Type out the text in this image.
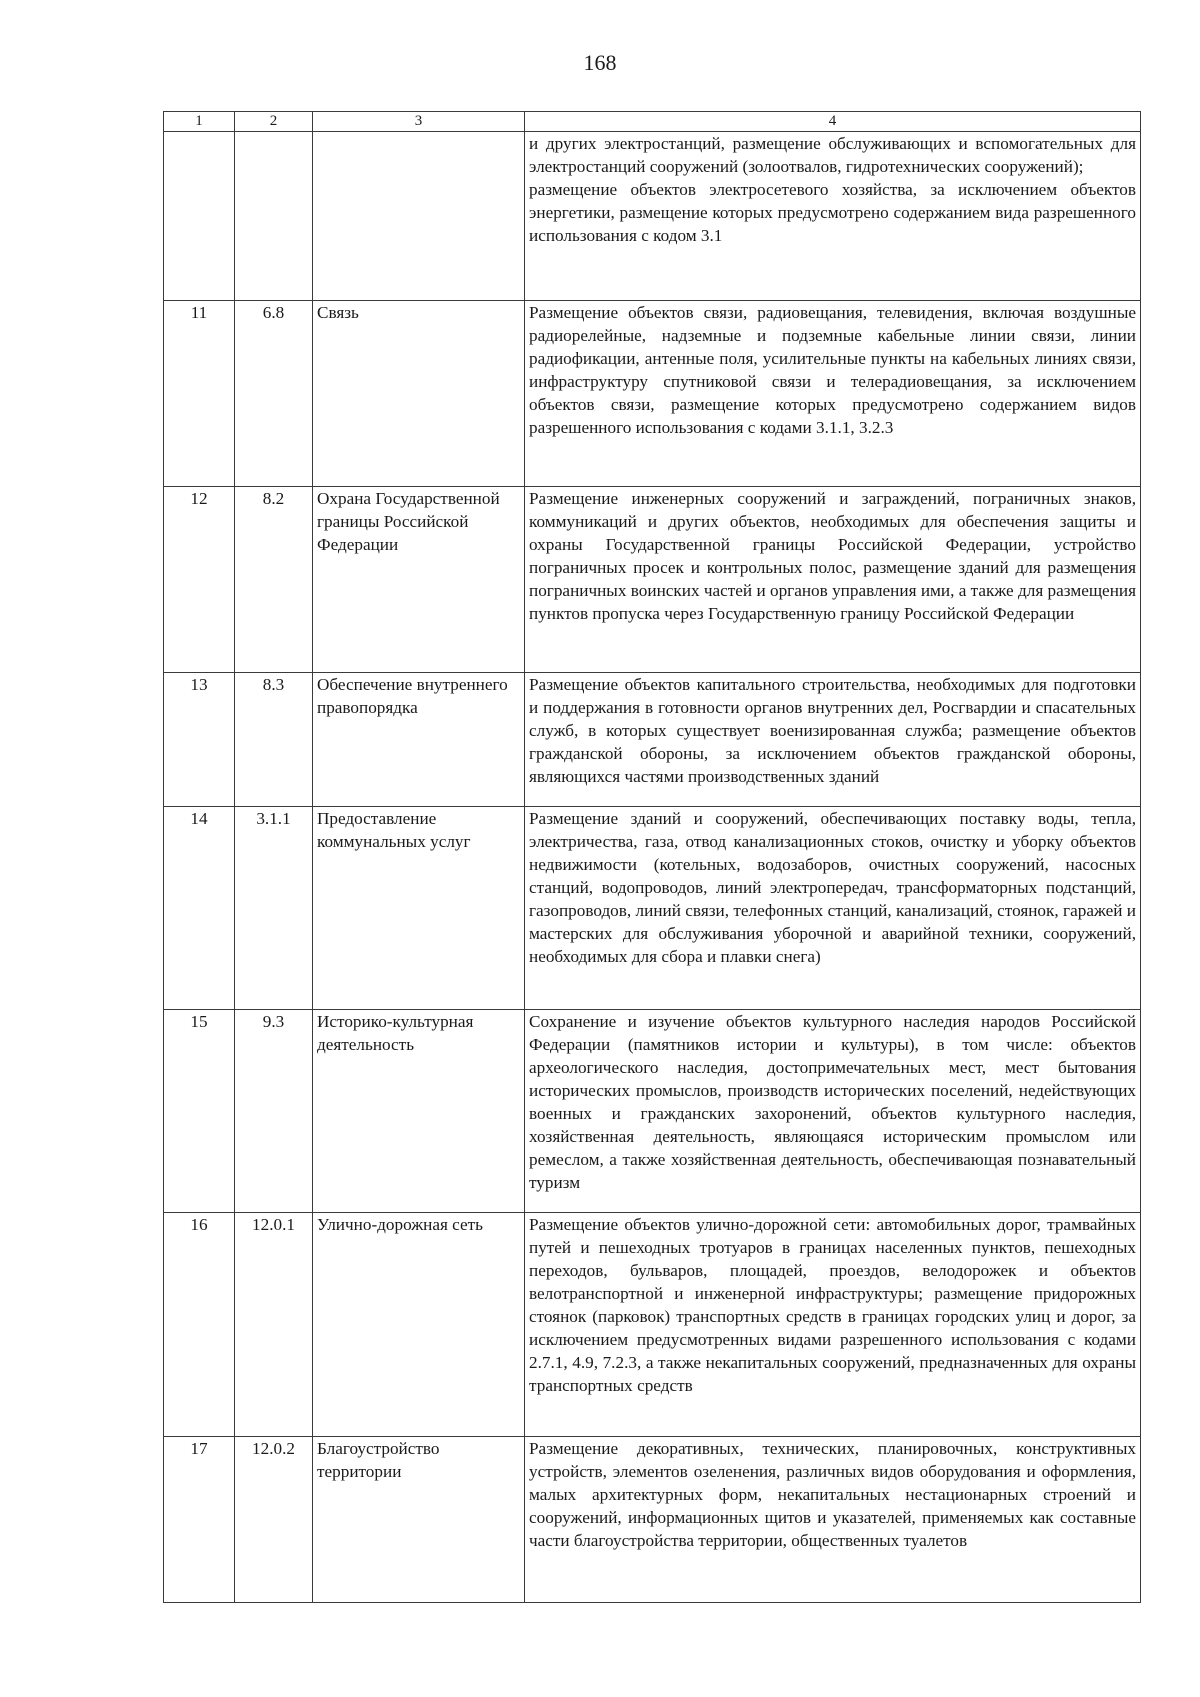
168
1	2	3	4

			и других электростанций, размещение обслуживающих и вспомогательных для электростанций сооружений (золоотвалов, гидротехнических сооружений);
размещение объектов электросетевого хозяйства, за исключением объектов энергетики, размещение которых предусмотрено содержанием вида разрешенного использования с кодом 3.1

11	6.8	Связь	Размещение объектов связи, радиовещания, телевидения, включая воздушные радиорелейные, надземные и подземные кабельные линии связи, линии радиофикации, антенные поля, усилительные пункты на кабельных линиях связи, инфраструктуру спутниковой связи и телерадиовещания, за исключением объектов связи, размещение которых предусмотрено содержанием видов разрешенного использования с кодами 3.1.1, 3.2.3
12	8.2	Охрана Государственной границы Российской Федерации	Размещение инженерных сооружений и заграждений, пограничных знаков, коммуникаций и других объектов, необходимых для обеспечения защиты и охраны Государственной границы Российской Федерации, устройство пограничных просек и контрольных полос, размещение зданий для размещения пограничных воинских частей и органов управления ими, а также для размещения пунктов пропуска через Государственную границу Российской Федерации
13	8.3	Обеспечение внутреннего правопорядка	Размещение объектов капитального строительства, необходимых для подготовки и поддержания в готовности органов внутренних дел, Росгвардии и спасательных служб, в которых существует военизированная служба; размещение объектов гражданской обороны, за исключением объектов гражданской обороны, являющихся частями производственных зданий
14	3.1.1	Предоставление коммунальных услуг	Размещение зданий и сооружений, обеспечивающих поставку воды, тепла, электричества, газа, отвод канализационных стоков, очистку и уборку объектов недвижимости (котельных, водозаборов, очистных сооружений, насосных станций, водопроводов, линий электропередач, трансформаторных подстанций, газопроводов, линий связи, телефонных станций, канализаций, стоянок, гаражей и мастерских для обслуживания уборочной и аварийной техники, сооружений, необходимых для сбора и плавки снега)
15	9.3	Историко-культурная деятельность	Сохранение и изучение объектов культурного наследия народов Российской Федерации (памятников истории и культуры), в том числе: объектов археологического наследия, достопримечательных мест, мест бытования исторических промыслов, производств исторических поселений, недействующих военных и гражданских захоронений, объектов культурного наследия, хозяйственная деятельность, являющаяся историческим промыслом или ремеслом, а также хозяйственная деятельность, обеспечивающая познавательный туризм
16	12.0.1	Улично-дорожная сеть	Размещение объектов улично-дорожной сети: автомобильных дорог, трамвайных путей и пешеходных тротуаров в границах населенных пунктов, пешеходных переходов, бульваров, площадей, проездов, велодорожек и объектов велотранспортной и инженерной инфраструктуры; размещение придорожных стоянок (парковок) транспортных средств в границах городских улиц и дорог, за исключением предусмотренных видами разрешенного использования с кодами 2.7.1, 4.9, 7.2.3, а также некапитальных сооружений, предназначенных для охраны транспортных средств
17	12.0.2	Благоустройство территории	Размещение декоративных, технических, планировочных, конструктивных устройств, элементов озеленения, различных видов оборудования и оформления, малых архитектурных форм, некапитальных нестационарных строений и сооружений, информационных щитов и указателей, применяемых как составные части благоустройства территории, общественных туалетов
